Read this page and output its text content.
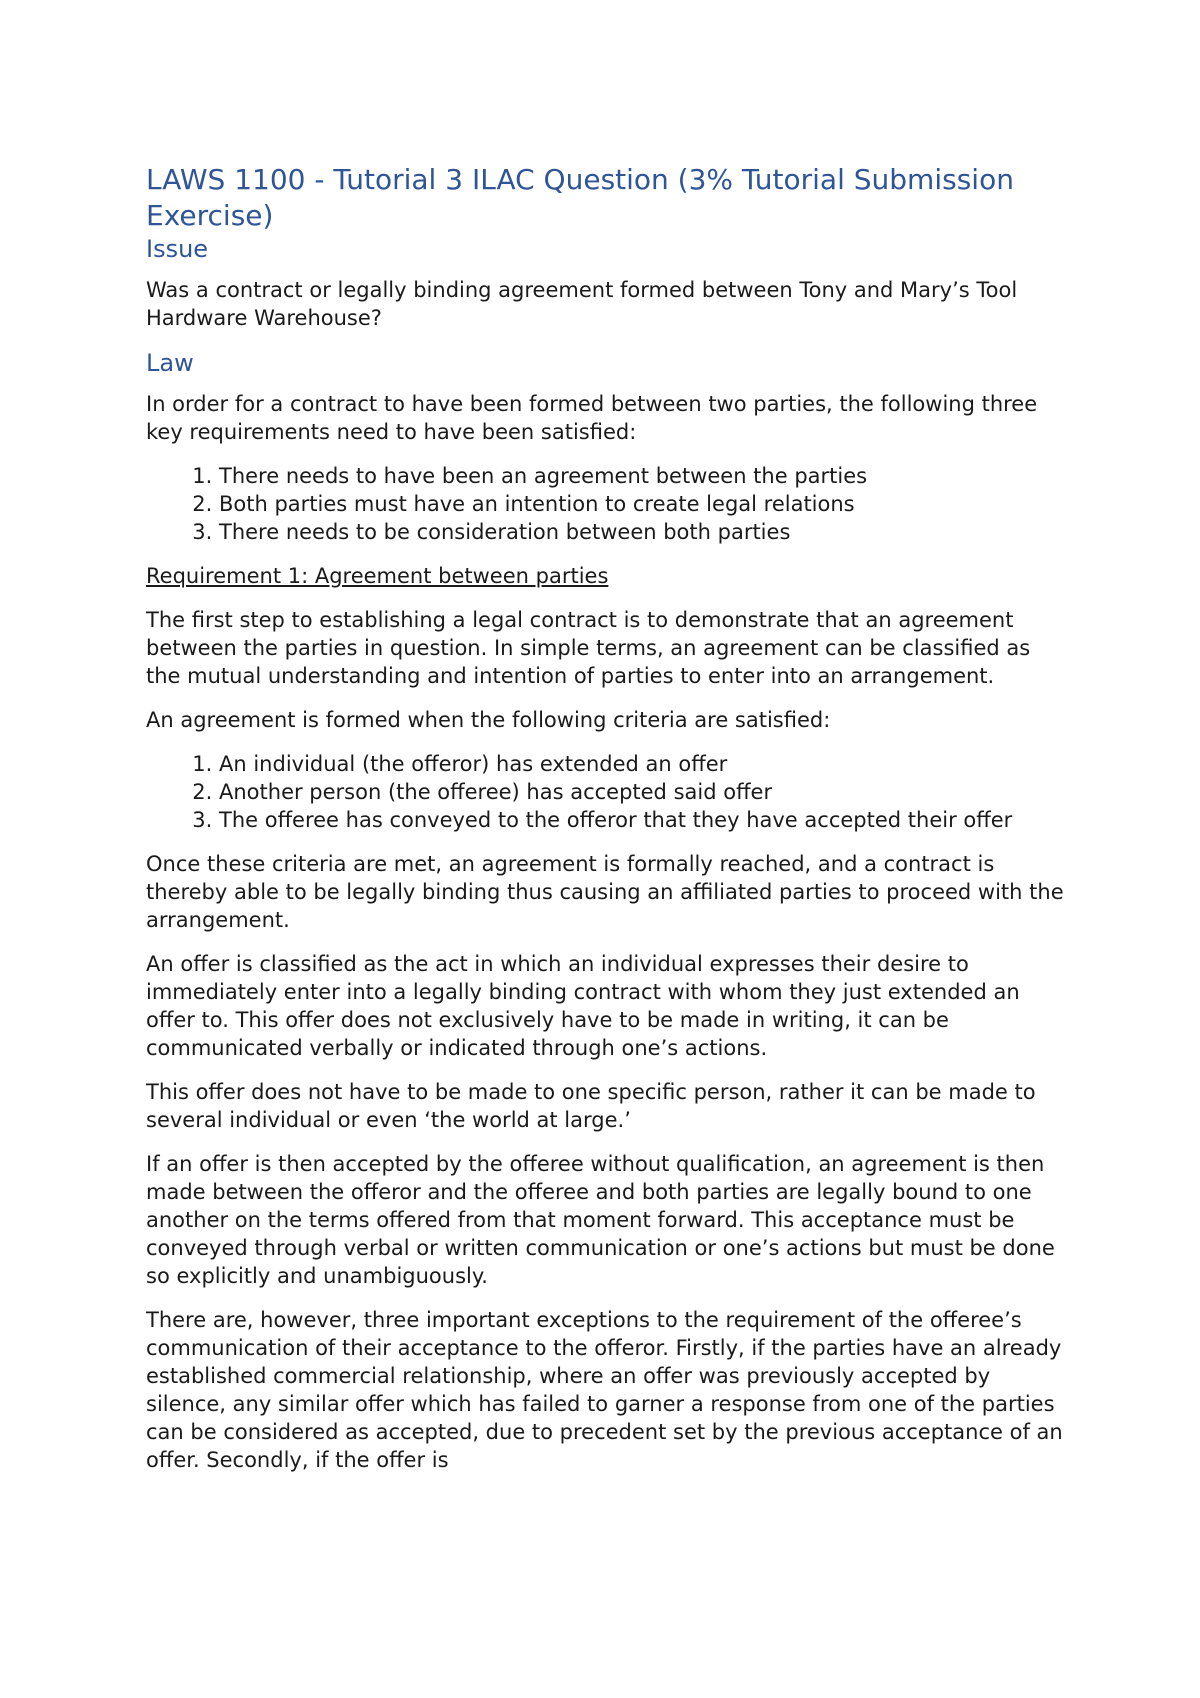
LAWS 1100 - Tutorial 3 ILAC Question (3% Tutorial Submission Exercise)
Issue

Was a contract or legally binding agreement formed between Tony and Mary’s Tool Hardware Warehouse?

Law

In order for a contract to have been formed between two parties, the following three key requirements need to have been satisfied:

1. There needs to have been an agreement between the parties
2. Both parties must have an intention to create legal relations
3. There needs to be consideration between both parties

Requirement 1: Agreement between parties

The first step to establishing a legal contract is to demonstrate that an agreement between the parties in question. In simple terms, an agreement can be classified as the mutual understanding and intention of parties to enter into an arrangement.

An agreement is formed when the following criteria are satisfied:

1. An individual (the offeror) has extended an offer
2. Another person (the offeree) has accepted said offer
3. The offeree has conveyed to the offeror that they have accepted their offer

Once these criteria are met, an agreement is formally reached, and a contract is thereby able to be legally binding thus causing an affiliated parties to proceed with the arrangement.

An offer is classified as the act in which an individual expresses their desire to immediately enter into a legally binding contract with whom they just extended an offer to. This offer does not exclusively have to be made in writing, it can be communicated verbally or indicated through one’s actions.

This offer does not have to be made to one specific person, rather it can be made to several individual or even ‘the world at large.’

If an offer is then accepted by the offeree without qualification, an agreement is then made between the offeror and the offeree and both parties are legally bound to one another on the terms offered from that moment forward. This acceptance must be conveyed through verbal or written communication or one’s actions but must be done so explicitly and unambiguously.

There are, however, three important exceptions to the requirement of the offeree’s communication of their acceptance to the offeror. Firstly, if the parties have an already established commercial relationship, where an offer was previously accepted by silence, any similar offer which has failed to garner a response from one of the parties can be considered as accepted, due to precedent set by the previous acceptance of an offer. Secondly, if the offer is
